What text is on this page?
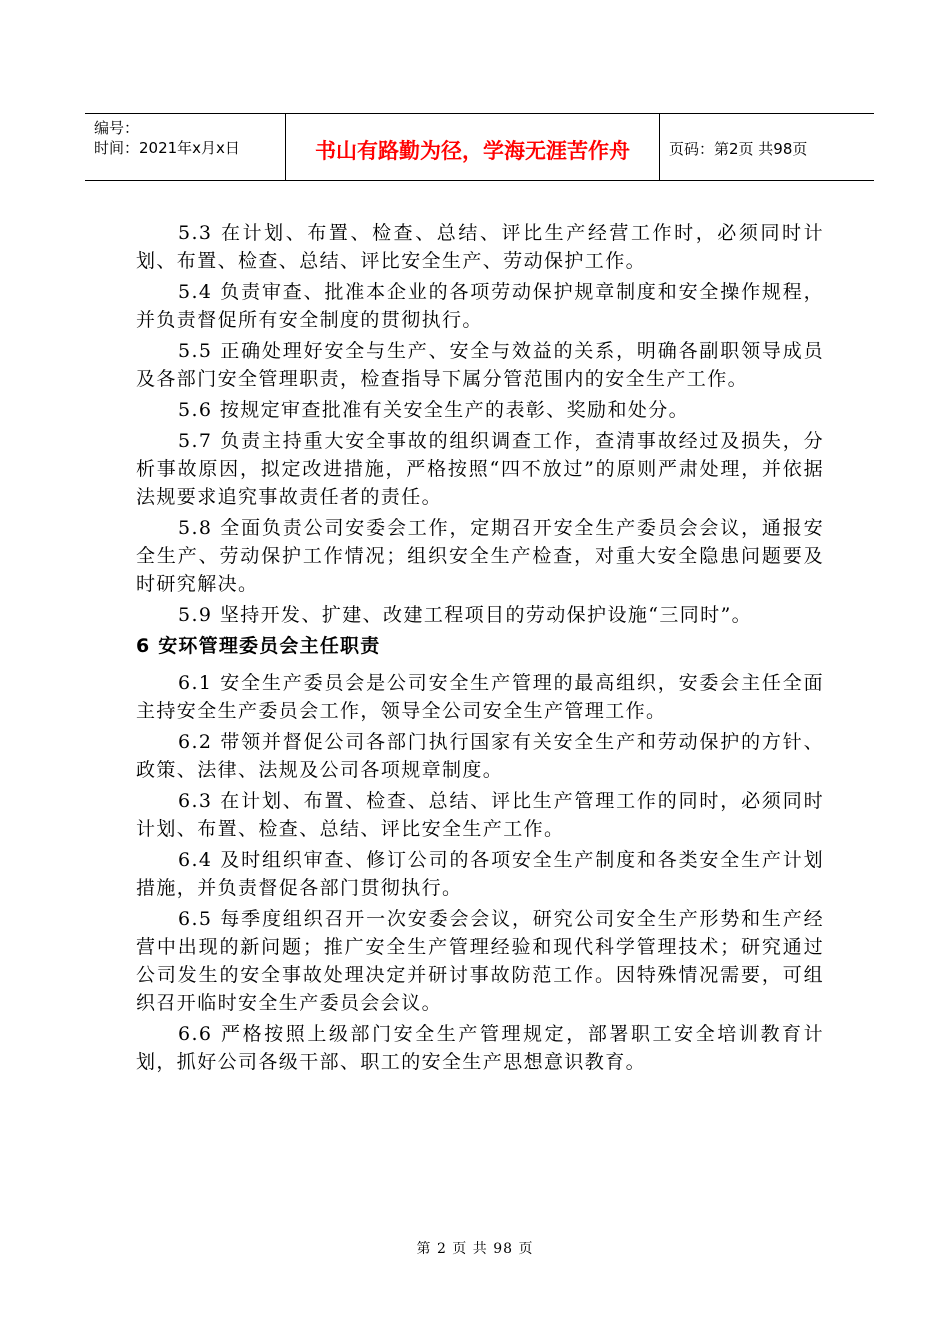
编号：
时间：2021年x月x日	书山有路勤为径，学海无涯苦作舟	页码：第2页 共98页

5.3 在计划、布置、检查、总结、评比生产经营工作时，必须同时计划、布置、检查、总结、评比安全生产、劳动保护工作。

5.4 负责审查、批准本企业的各项劳动保护规章制度和安全操作规程，并负责督促所有安全制度的贯彻执行。

5.5 正确处理好安全与生产、安全与效益的关系，明确各副职领导成员及各部门安全管理职责，检查指导下属分管范围内的安全生产工作。

5.6 按规定审查批准有关安全生产的表彰、奖励和处分。

5.7 负责主持重大安全事故的组织调查工作，查清事故经过及损失，分析事故原因，拟定改进措施，严格按照“四不放过”的原则严肃处理，并依据法规要求追究事故责任者的责任。

5.8 全面负责公司安委会工作，定期召开安全生产委员会会议，通报安全生产、劳动保护工作情况；组织安全生产检查，对重大安全隐患问题要及时研究解决。

5.9 坚持开发、扩建、改建工程项目的劳动保护设施“三同时”。

6 安环管理委员会主任职责

6.1 安全生产委员会是公司安全生产管理的最高组织，安委会主任全面主持安全生产委员会工作，领导全公司安全生产管理工作。

6.2 带领并督促公司各部门执行国家有关安全生产和劳动保护的方针、政策、法律、法规及公司各项规章制度。

6.3 在计划、布置、检查、总结、评比生产管理工作的同时，必须同时计划、布置、检查、总结、评比安全生产工作。

6.4 及时组织审查、修订公司的各项安全生产制度和各类安全生产计划措施，并负责督促各部门贯彻执行。

6.5 每季度组织召开一次安委会会议，研究公司安全生产形势和生产经营中出现的新问题；推广安全生产管理经验和现代科学管理技术；研究通过公司发生的安全事故处理决定并研讨事故防范工作。因特殊情况需要，可组织召开临时安全生产委员会会议。

6.6 严格按照上级部门安全生产管理规定，部署职工安全培训教育计划，抓好公司各级干部、职工的安全生产思想意识教育。

第 2 页 共 98 页
